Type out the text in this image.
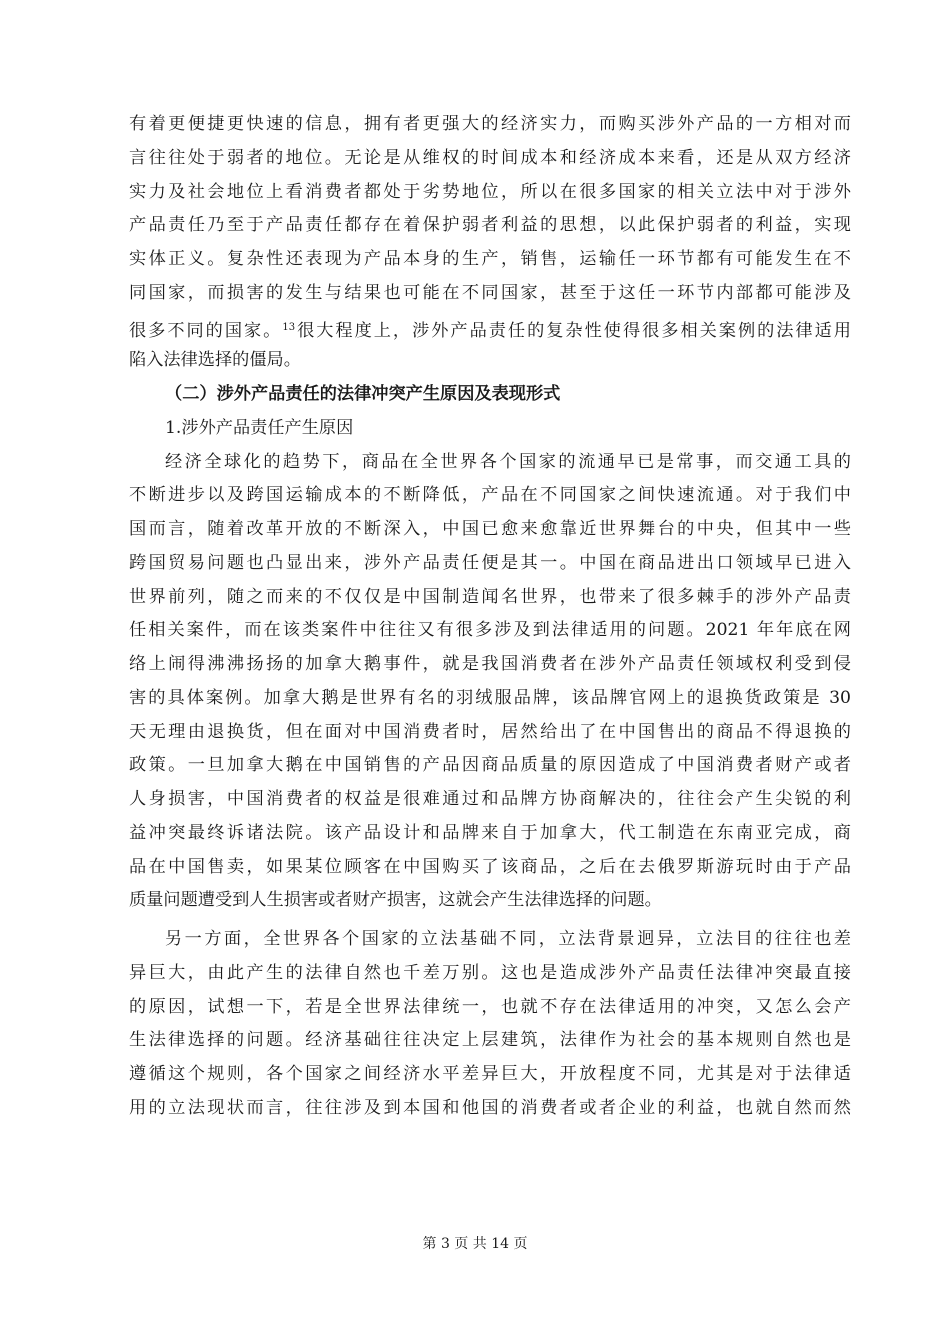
有着更便捷更快速的信息，拥有者更强大的经济实力，而购买涉外产品的一方相对而
言往往处于弱者的地位。无论是从维权的时间成本和经济成本来看，还是从双方经济
实力及社会地位上看消费者都处于劣势地位，所以在很多国家的相关立法中对于涉外
产品责任乃至于产品责任都存在着保护弱者利益的思想，以此保护弱者的利益，实现
实体正义。复杂性还表现为产品本身的生产，销售，运输任一环节都有可能发生在不
同国家，而损害的发生与结果也可能在不同国家，甚至于这任一环节内部都可能涉及
很多不同的国家。$^{13}$很大程度上，涉外产品责任的复杂性使得很多相关案例的法律适用
陷入法律选择的僵局。
（二）涉外产品责任的法律冲突产生原因及表现形式
1.涉外产品责任产生原因
经济全球化的趋势下，商品在全世界各个国家的流通早已是常事，而交通工具的
不断进步以及跨国运输成本的不断降低，产品在不同国家之间快速流通。对于我们中
国而言，随着改革开放的不断深入，中国已愈来愈靠近世界舞台的中央，但其中一些
跨国贸易问题也凸显出来，涉外产品责任便是其一。中国在商品进出口领域早已进入
世界前列，随之而来的不仅仅是中国制造闻名世界，也带来了很多棘手的涉外产品责
任相关案件，而在该类案件中往往又有很多涉及到法律适用的问题。2021 年年底在网
络上闹得沸沸扬扬的加拿大鹅事件，就是我国消费者在涉外产品责任领域权利受到侵
害的具体案例。加拿大鹅是世界有名的羽绒服品牌，该品牌官网上的退换货政策是 30
天无理由退换货，但在面对中国消费者时，居然给出了在中国售出的商品不得退换的
政策。一旦加拿大鹅在中国销售的产品因商品质量的原因造成了中国消费者财产或者
人身损害，中国消费者的权益是很难通过和品牌方协商解决的，往往会产生尖锐的利
益冲突最终诉诸法院。该产品设计和品牌来自于加拿大，代工制造在东南亚完成，商
品在中国售卖，如果某位顾客在中国购买了该商品，之后在去俄罗斯游玩时由于产品
质量问题遭受到人生损害或者财产损害，这就会产生法律选择的问题。
另一方面，全世界各个国家的立法基础不同，立法背景迥异，立法目的往往也差
异巨大，由此产生的法律自然也千差万别。这也是造成涉外产品责任法律冲突最直接
的原因，试想一下，若是全世界法律统一，也就不存在法律适用的冲突，又怎么会产
生法律选择的问题。经济基础往往决定上层建筑，法律作为社会的基本规则自然也是
遵循这个规则，各个国家之间经济水平差异巨大，开放程度不同，尤其是对于法律适
用的立法现状而言，往往涉及到本国和他国的消费者或者企业的利益，也就自然而然
第 3 页 共 14 页
